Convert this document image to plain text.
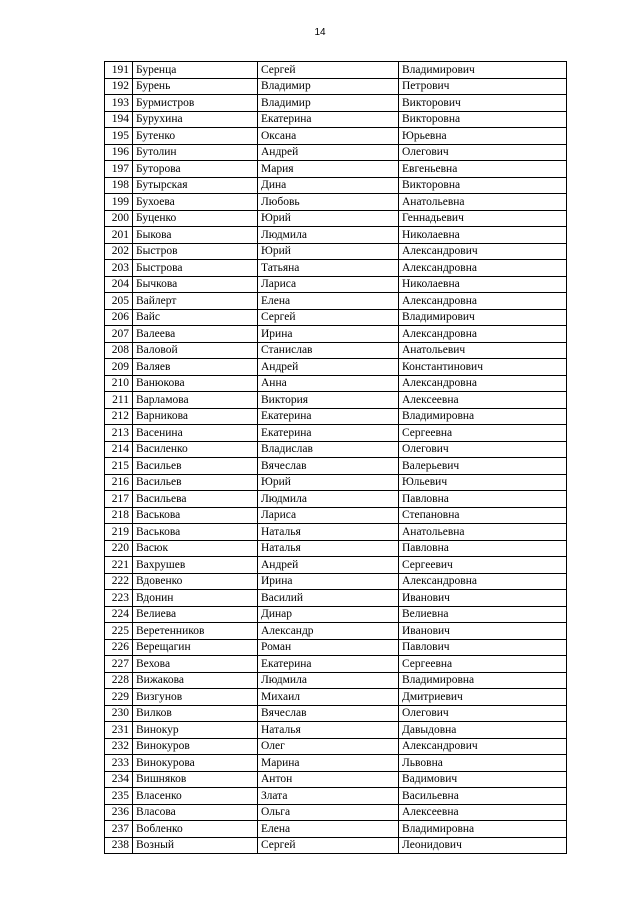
14
191	Буренца	Сергей	Владимирович
192	Бурень	Владимир	Петрович
193	Бурмистров	Владимир	Викторович
194	Бурухина	Екатерина	Викторовна
195	Бутенко	Оксана	Юрьевна
196	Бутолин	Андрей	Олегович
197	Буторова	Мария	Евгеньевна
198	Бутырская	Дина	Викторовна
199	Бухоева	Любовь	Анатольевна
200	Буценко	Юрий	Геннадьевич
201	Быкова	Людмила	Николаевна
202	Быстров	Юрий	Александрович
203	Быстрова	Татьяна	Александровна
204	Бычкова	Лариса	Николаевна
205	Вайлерт	Елена	Александровна
206	Вайс	Сергей	Владимирович
207	Валеева	Ирина	Александровна
208	Валовой	Станислав	Анатольевич
209	Валяев	Андрей	Константинович
210	Ванюкова	Анна	Александровна
211	Варламова	Виктория	Алексеевна
212	Варникова	Екатерина	Владимировна
213	Васенина	Екатерина	Сергеевна
214	Василенко	Владислав	Олегович
215	Васильев	Вячеслав	Валерьевич
216	Васильев	Юрий	Юльевич
217	Васильева	Людмила	Павловна
218	Васькова	Лариса	Степановна
219	Васькова	Наталья	Анатольевна
220	Васюк	Наталья	Павловна
221	Вахрушев	Андрей	Сергеевич
222	Вдовенко	Ирина	Александровна
223	Вдонин	Василий	Иванович
224	Велиева	Динар	Велиевна
225	Веретенников	Александр	Иванович
226	Верещагин	Роман	Павлович
227	Вехова	Екатерина	Сергеевна
228	Вижакова	Людмила	Владимировна
229	Визгунов	Михаил	Дмитриевич
230	Вилков	Вячеслав	Олегович
231	Винокур	Наталья	Давыдовна
232	Винокуров	Олег	Александрович
233	Винокурова	Марина	Львовна
234	Вишняков	Антон	Вадимович
235	Власенко	Злата	Васильевна
236	Власова	Ольга	Алексеевна
237	Вобленко	Елена	Владимировна
238	Возный	Сергей	Леонидович
